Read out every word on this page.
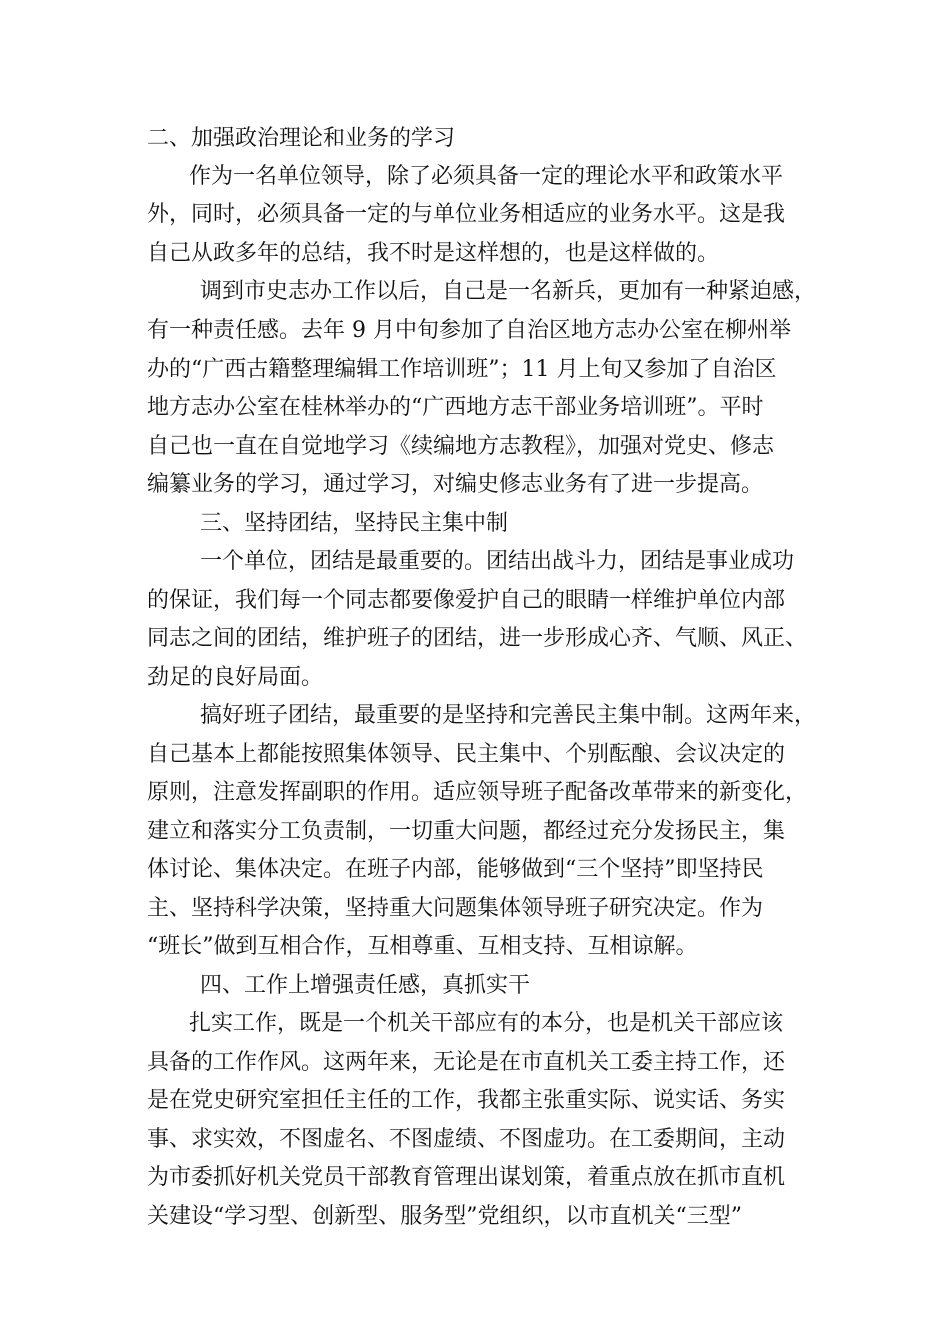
二、加强政治理论和业务的学习
作为一名单位领导，除了必须具备一定的理论水平和政策水平
外，同时，必须具备一定的与单位业务相适应的业务水平。这是我
自己从政多年的总结，我不时是这样想的，也是这样做的。
调到市史志办工作以后，自己是一名新兵，更加有一种紧迫感，
有一种责任感。去年 9 月中旬参加了自治区地方志办公室在柳州举
办的“广西古籍整理编辑工作培训班”；11 月上旬又参加了自治区
地方志办公室在桂林举办的“广西地方志干部业务培训班”。平时
自己也一直在自觉地学习《续编地方志教程》，加强对党史、修志
编纂业务的学习，通过学习，对编史修志业务有了进一步提高。
三、坚持团结，坚持民主集中制
一个单位，团结是最重要的。团结出战斗力，团结是事业成功
的保证，我们每一个同志都要像爱护自己的眼睛一样维护单位内部
同志之间的团结，维护班子的团结，进一步形成心齐、气顺、风正、
劲足的良好局面。
搞好班子团结，最重要的是坚持和完善民主集中制。这两年来，
自己基本上都能按照集体领导、民主集中、个别酝酿、会议决定的
原则，注意发挥副职的作用。适应领导班子配备改革带来的新变化，
建立和落实分工负责制，一切重大问题，都经过充分发扬民主，集
体讨论、集体决定。在班子内部，能够做到“三个坚持”即坚持民
主、坚持科学决策，坚持重大问题集体领导班子研究决定。作为
“班长”做到互相合作，互相尊重、互相支持、互相谅解。
四、工作上增强责任感，真抓实干
扎实工作，既是一个机关干部应有的本分，也是机关干部应该
具备的工作作风。这两年来，无论是在市直机关工委主持工作，还
是在党史研究室担任主任的工作，我都主张重实际、说实话、务实
事、求实效，不图虚名、不图虚绩、不图虚功。在工委期间，主动
为市委抓好机关党员干部教育管理出谋划策，着重点放在抓市直机
关建设“学习型、创新型、服务型”党组织，以市直机关“三型”
